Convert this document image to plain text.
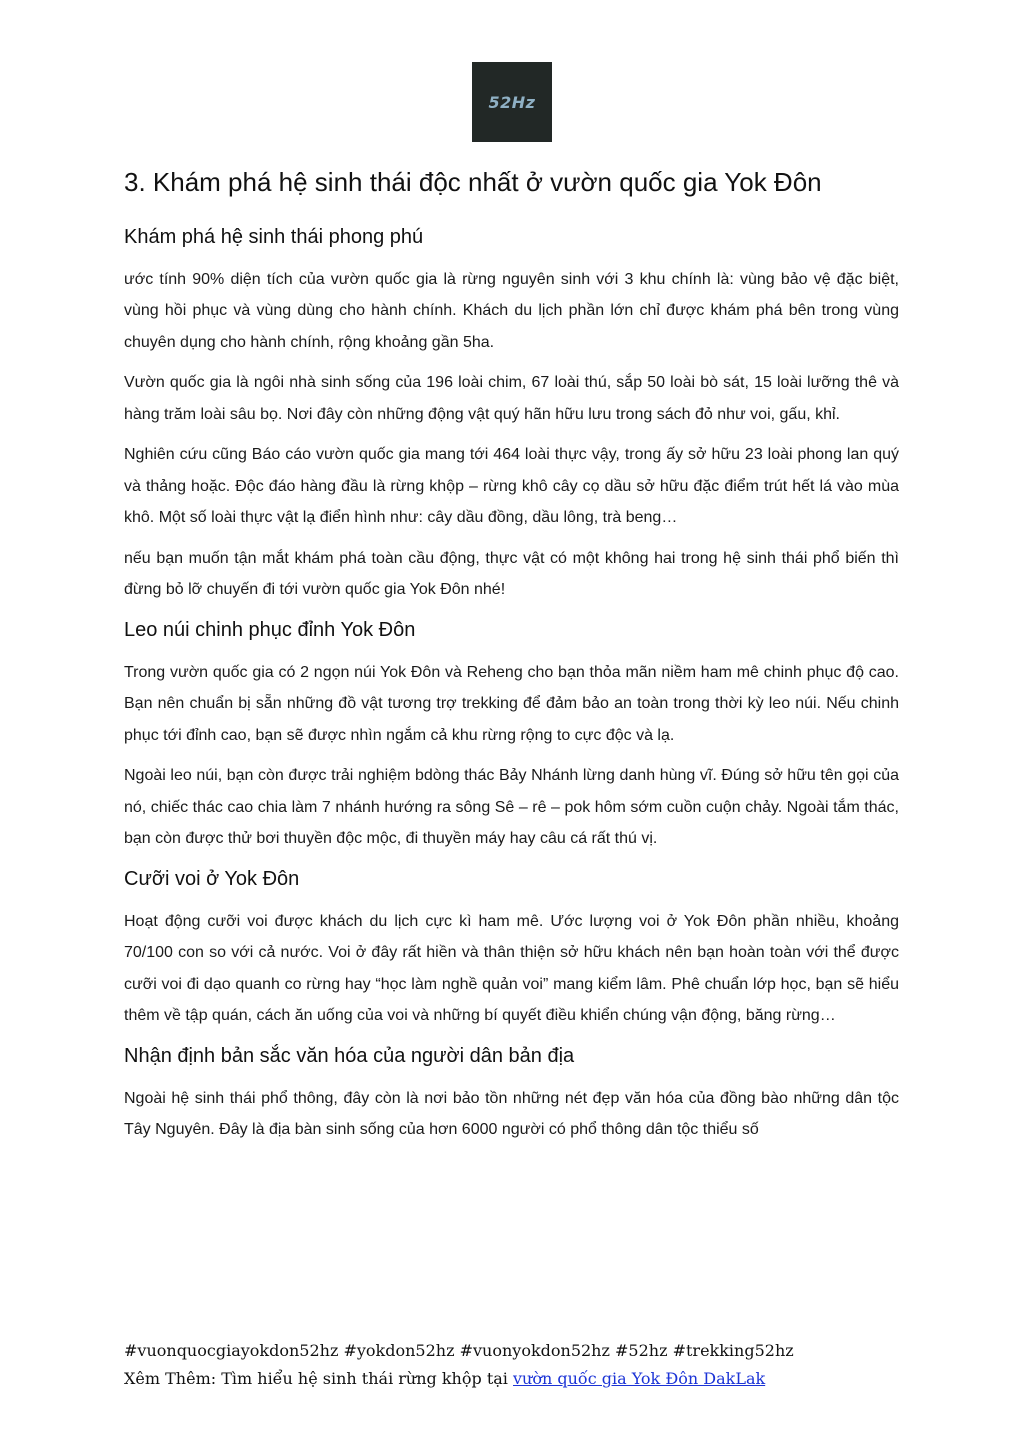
52Hz
3. Khám phá hệ sinh thái độc nhất ở vườn quốc gia Yok Đôn
Khám phá hệ sinh thái phong phú

ước tính 90% diện tích của vườn quốc gia là rừng nguyên sinh với 3 khu chính là: vùng bảo vệ đặc biệt, vùng hồi phục và vùng dùng cho hành chính. Khách du lịch phần lớn chỉ được khám phá bên trong vùng chuyên dụng cho hành chính, rộng khoảng gần 5ha.

Vườn quốc gia là ngôi nhà sinh sống của 196 loài chim, 67 loài thú, sắp 50 loài bò sát, 15 loài lưỡng thê và hàng trăm loài sâu bọ. Nơi đây còn những động vật quý hãn hữu lưu trong sách đỏ như voi, gấu, khỉ.

Nghiên cứu cũng Báo cáo vườn quốc gia mang tới 464 loài thực vậy, trong ấy sở hữu 23 loài phong lan quý và thảng hoặc. Độc đáo hàng đầu là rừng khộp – rừng khô cây cọ dầu sở hữu đặc điểm trút hết lá vào mùa khô. Một số loài thực vật lạ điển hình như: cây dầu đồng, dầu lông, trà beng…

nếu bạn muốn tận mắt khám phá toàn cầu động, thực vật có một không hai trong hệ sinh thái phổ biến thì đừng bỏ lỡ chuyến đi tới vườn quốc gia Yok Đôn nhé!

Leo núi chinh phục đỉnh Yok Đôn

Trong vườn quốc gia có 2 ngọn núi Yok Đôn và Reheng cho bạn thỏa mãn niềm ham mê chinh phục độ cao. Bạn nên chuẩn bị sẵn những đồ vật tương trợ trekking để đảm bảo an toàn trong thời kỳ leo núi. Nếu chinh phục tới đỉnh cao, bạn sẽ được nhìn ngắm cả khu rừng rộng to cực độc và lạ.

Ngoài leo núi, bạn còn được trải nghiệm bdòng thác Bảy Nhánh lừng danh hùng vĩ. Đúng sở hữu tên gọi của nó, chiếc thác cao chia làm 7 nhánh hướng ra sông Sê – rê – pok hôm sớm cuồn cuộn chảy. Ngoài tắm thác, bạn còn được thử bơi thuyền độc mộc, đi thuyền máy hay câu cá rất thú vị.

Cưỡi voi ở Yok Đôn

Hoạt động cưỡi voi được khách du lịch cực kì ham mê. Ước lượng voi ở Yok Đôn phần nhiều, khoảng 70/100 con so với cả nước. Voi ở đây rất hiền và thân thiện sở hữu khách nên bạn hoàn toàn với thể được cưỡi voi đi dạo quanh co rừng hay “học làm nghề quản voi” mang kiểm lâm. Phê chuẩn lớp học, bạn sẽ hiểu thêm về tập quán, cách ăn uống của voi và những bí quyết điều khiển chúng vận động, băng rừng…

Nhận định bản sắc văn hóa của người dân bản địa

Ngoài hệ sinh thái phổ thông, đây còn là nơi bảo tồn những nét đẹp văn hóa của đồng bào những dân tộc Tây Nguyên. Đây là địa bàn sinh sống của hơn 6000 người có phổ thông dân tộc thiểu số

#vuonquocgiayokdon52hz #yokdon52hz #vuonyokdon52hz #52hz #trekking52hz
Xêm Thêm: Tìm hiểu hệ sinh thái rừng khộp tại vườn quốc gia Yok Đôn DakLak
